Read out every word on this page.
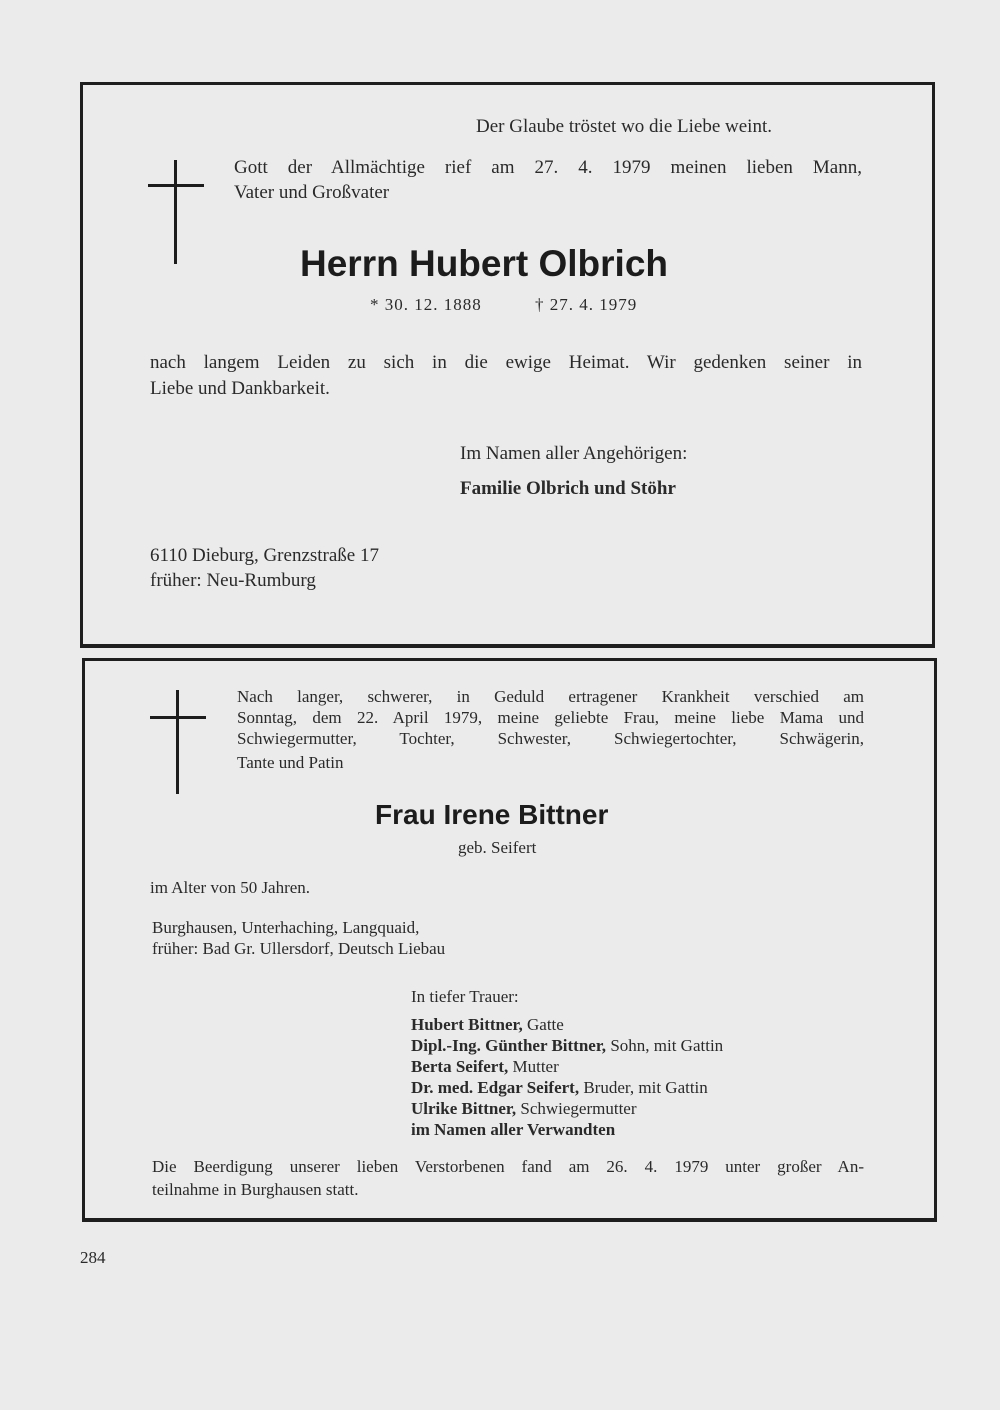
Der Glaube tröstet wo die Liebe weint.
Gott der Allmächtige rief am 27. 4. 1979 meinen lieben Mann,
Vater und Großvater
Herrn Hubert Olbrich
* 30. 12. 1888	† 27. 4. 1979
nach langem Leiden zu sich in die ewige Heimat. Wir gedenken seiner in
Liebe und Dankbarkeit.
Im Namen aller Angehörigen:
Familie Olbrich und Stöhr
6110 Dieburg, Grenzstraße 17
früher: Neu-Rumburg
Nach langer, schwerer, in Geduld ertragener Krankheit verschied am
Sonntag, dem 22. April 1979, meine geliebte Frau, meine liebe Mama und
Schwiegermutter, Tochter, Schwester, Schwiegertochter, Schwägerin,
Tante und Patin
Frau Irene Bittner
geb. Seifert
im Alter von 50 Jahren.
Burghausen, Unterhaching, Langquaid,
früher: Bad Gr. Ullersdorf, Deutsch Liebau
In tiefer Trauer:
Hubert Bittner, Gatte
Dipl.-Ing. Günther Bittner, Sohn, mit Gattin
Berta Seifert, Mutter
Dr. med. Edgar Seifert, Bruder, mit Gattin
Ulrike Bittner, Schwiegermutter
im Namen aller Verwandten
Die Beerdigung unserer lieben Verstorbenen fand am 26. 4. 1979 unter großer An-
teilnahme in Burghausen statt.
284
